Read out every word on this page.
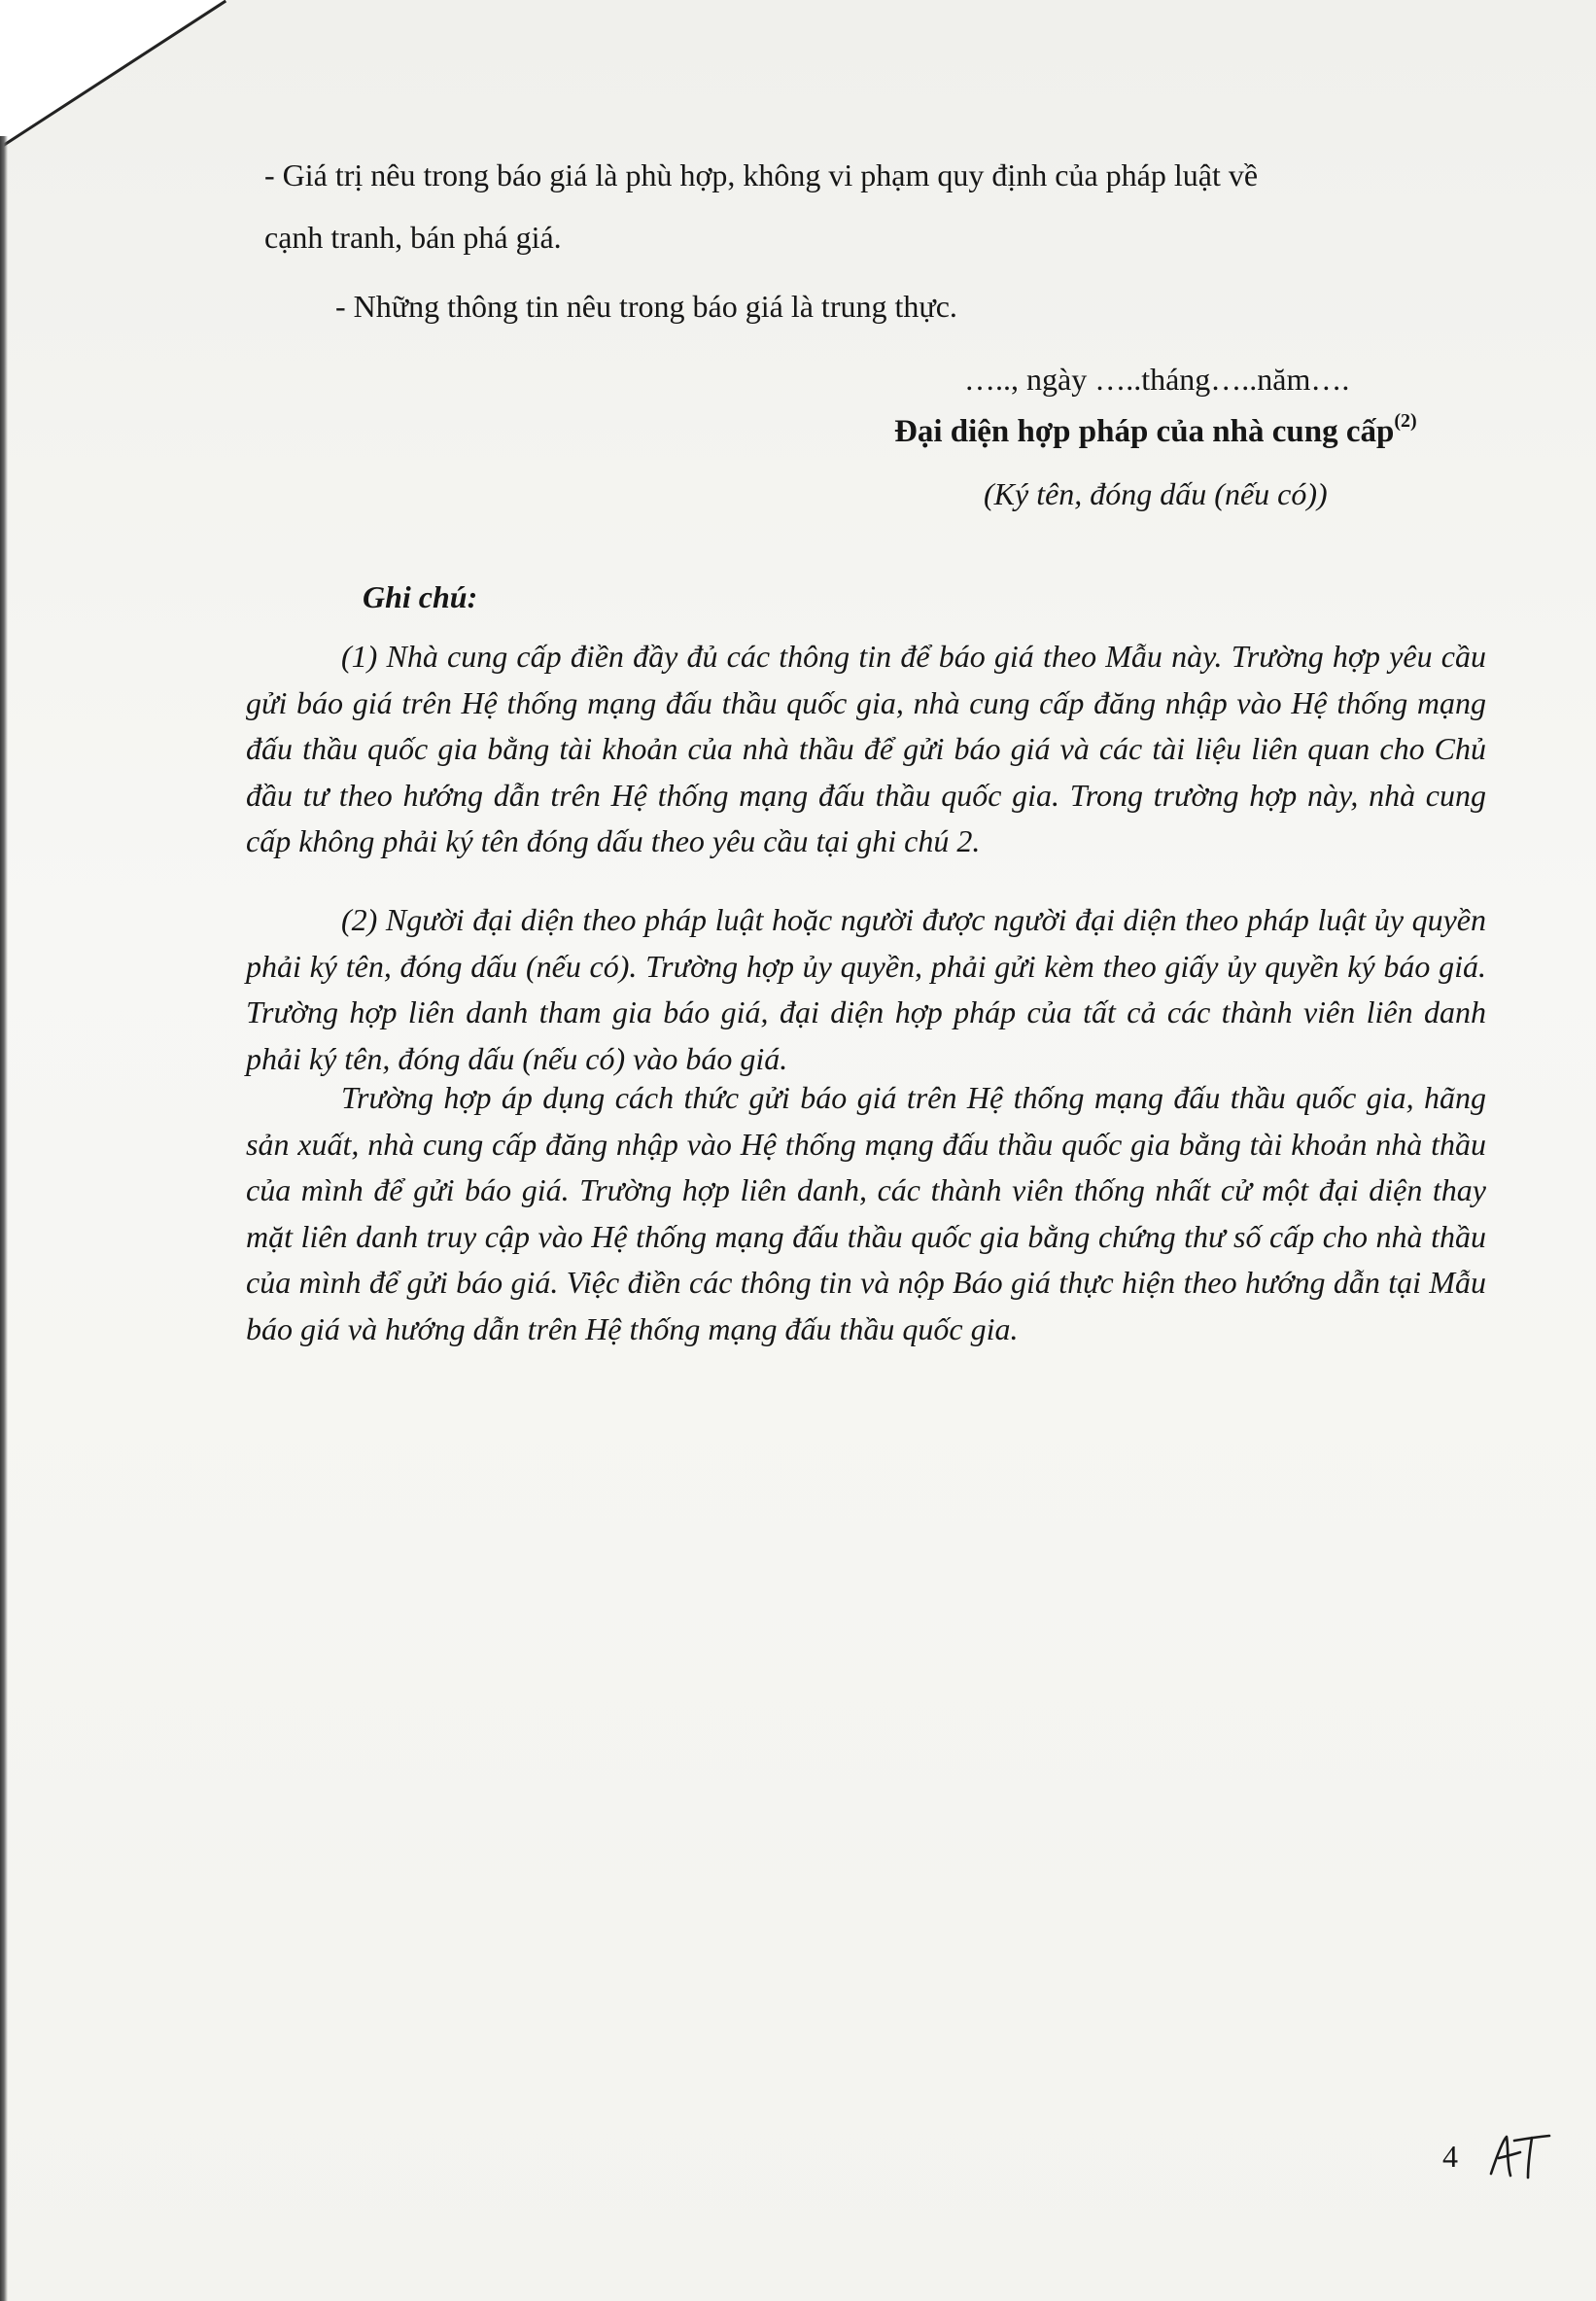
- Giá trị nêu trong báo giá là phù hợp, không vi phạm quy định của pháp luật về

cạnh tranh, bán phá giá.

- Những thông tin nêu trong báo giá là trung thực.

….., ngày …..tháng…..năm….
Đại diện hợp pháp của nhà cung cấp$^{(2)}$
(Ký tên, đóng dấu (nếu có))
Ghi chú:

(1) Nhà cung cấp điền đầy đủ các thông tin để báo giá theo Mẫu này. Trường hợp yêu cầu gửi báo giá trên Hệ thống mạng đấu thầu quốc gia, nhà cung cấp đăng nhập vào Hệ thống mạng đấu thầu quốc gia bằng tài khoản của nhà thầu để gửi báo giá và các tài liệu liên quan cho Chủ đầu tư theo hướng dẫn trên Hệ thống mạng đấu thầu quốc gia. Trong trường hợp này, nhà cung cấp không phải ký tên đóng dấu theo yêu cầu tại ghi chú 2.

(2) Người đại diện theo pháp luật hoặc người được người đại diện theo pháp luật ủy quyền phải ký tên, đóng dấu (nếu có). Trường hợp ủy quyền, phải gửi kèm theo giấy ủy quyền ký báo giá. Trường hợp liên danh tham gia báo giá, đại diện hợp pháp của tất cả các thành viên liên danh phải ký tên, đóng dấu (nếu có) vào báo giá.

Trường hợp áp dụng cách thức gửi báo giá trên Hệ thống mạng đấu thầu quốc gia, hãng sản xuất, nhà cung cấp đăng nhập vào Hệ thống mạng đấu thầu quốc gia bằng tài khoản nhà thầu của mình để gửi báo giá. Trường hợp liên danh, các thành viên thống nhất cử một đại diện thay mặt liên danh truy cập vào Hệ thống mạng đấu thầu quốc gia bằng chứng thư số cấp cho nhà thầu của mình để gửi báo giá. Việc điền các thông tin và nộp Báo giá thực hiện theo hướng dẫn tại Mẫu báo giá và hướng dẫn trên Hệ thống mạng đấu thầu quốc gia.

4
